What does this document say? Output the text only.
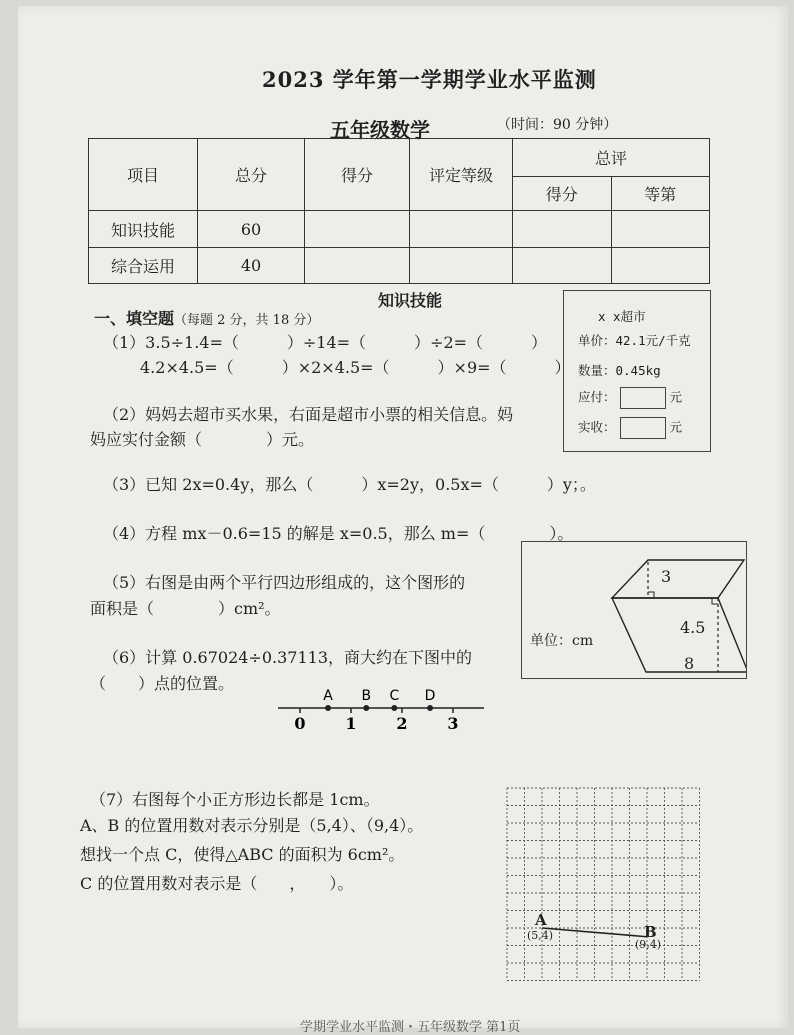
2023 学年第一学期学业水平监测
五年级数学	（时间：90 分钟）
项目	总分	得分	评定等级	总评	
				得分	等第
知识技能	60				
综合运用	40				
知识技能
一、填空题（每题 2 分，共 18 分）
（1）3.5÷1.4=（　　　）÷14=（　　　）÷2=（　　　）
4.2×4.5=（　　　）×2×4.5=（　　　）×9=（　　　）
（2）妈妈去超市买水果，右面是超市小票的相关信息。妈
妈应实付金额（　　　　）元。
x x超市
单价：42.1元/千克
数量：0.45kg
应付：	元
实收：	元
（3）已知 2x=0.4y，那么（　　　）x=2y，0.5x=（　　　）y；。
（4）方程 mx－0.6=15 的解是 x=0.5，那么 m=（　　　　）。
（5）右图是由两个平行四边形组成的，这个图形的
面积是（　　　　）cm²。
3
4.5
8
单位：cm
（6）计算 0.67024÷0.37113，商大约在下图中的
（　　）点的位置。
0 1 2 3
A B C D
（7）右图每个小正方形边长都是 1cm。
A、B 的位置用数对表示分别是（5,4）、（9,4）。
想找一个点 C，使得△ABC 的面积为 6cm²。
C 的位置用数对表示是（　　，　　）。
A
(5,4)	B
(9,4)
学期学业水平监测・五年级数学 第1页
